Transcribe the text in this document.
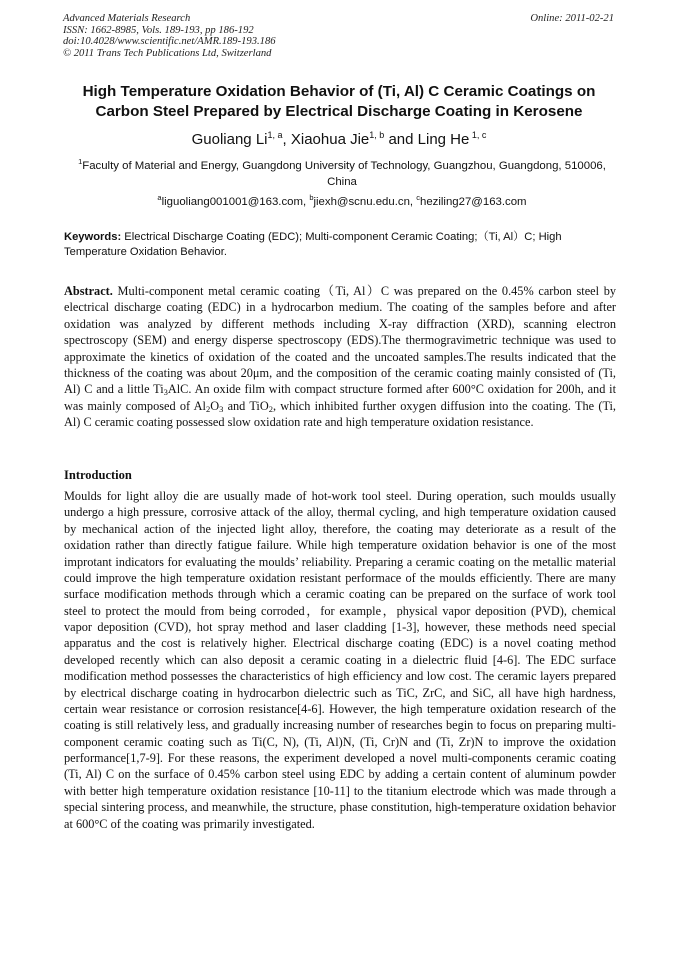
Advanced Materials Research
ISSN: 1662-8985, Vols. 189-193, pp 186-192
doi:10.4028/www.scientific.net/AMR.189-193.186
© 2011 Trans Tech Publications Ltd, Switzerland
Online: 2011-02-21
High Temperature Oxidation Behavior of (Ti, Al) C Ceramic Coatings on
Carbon Steel Prepared by Electrical Discharge Coating in Kerosene
Guoliang Li$^{1, a}$, Xiaohua Jie$^{1, b}$ and Ling He $^{1, c}$
$^1$Faculty of Material and Energy, Guangdong University of Technology, Guangzhou, Guangdong, 510006, China
$^a$liguoliang001001@163.com, $^b$jiexh@scnu.edu.cn, $^c$heziling27@163.com
Keywords: Electrical Discharge Coating (EDC); Multi-component Ceramic Coating;（Ti, Al）C; High Temperature Oxidation Behavior.
Abstract. Multi-component metal ceramic coating（Ti, Al）C was prepared on the 0.45% carbon steel by electrical discharge coating (EDC) in a hydrocarbon medium. The coating of the samples before and after oxidation was analyzed by different methods including X-ray diffraction (XRD), scanning electron spectroscopy (SEM) and energy disperse spectroscopy (EDS).The thermogravimetric technique was used to approximate the kinetics of oxidation of the coated and the uncoated samples.The results indicated that the thickness of the coating was about 20μm, and the composition of the ceramic coating mainly consisted of (Ti, Al) C and a little $Ti_3AlC$. An oxide film with compact structure formed after 600°C oxidation for 200h, and it was mainly composed of $Al_2O_3$ and TiO$_2$, which inhibited further oxygen diffusion into the coating. The (Ti, Al) C ceramic coating possessed slow oxidation rate and high temperature oxidation resistance.
Introduction
Moulds for light alloy die are usually made of hot-work tool steel. During operation, such moulds usually undergo a high pressure, corrosive attack of the alloy, thermal cycling, and high temperature oxidation caused by mechanical action of the injected light alloy, therefore, the coating may deteriorate as a result of the oxidation rather than directly fatigue failure. While high temperature oxidation behavior is one of the most improtant indicators for evaluating the moulds’ reliability. Preparing a ceramic coating on the metallic material could improve the high temperature oxidation resistant performace of the moulds efficiently. There are many surface modification methods through which a ceramic coating can be prepared on the surface of work tool steel to protect the mould from being corroded，for example，physical vapor deposition (PVD), chemical vapor deposition (CVD), hot spray method and laser cladding [1-3], however, these methods need special apparatus and the cost is relatively higher. Electrical discharge coating (EDC) is a novel coating method developed recently which can also deposit a ceramic coating in a dielectric fluid [4-6]. The EDC surface modification method possesses the characteristics of high efficiency and low cost. The ceramic layers prepared by electrical discharge coating in hydrocarbon dielectric such as TiC, ZrC, and SiC, all have high hardness, certain wear resistance or corrosion resistance[4-6]. However, the high temperature oxidation research of the coating is still relatively less, and gradually increasing number of researches begin to focus on preparing multi-component ceramic coating such as Ti(C, N), (Ti, Al)N, (Ti, Cr)N and (Ti, Zr)N to improve the oxidation performance[1,7-9]. For these reasons, the experiment developed a novel multi-components ceramic coating (Ti, Al) C on the surface of 0.45% carbon steel using EDC by adding a certain content of aluminum powder with better high temperature oxidation resistance [10-11] to the titanium electrode which was made through a special sintering process, and meanwhile, the structure, phase constitution, high-temperature oxidation behavior at 600°C of the coating was primarily investigated.
